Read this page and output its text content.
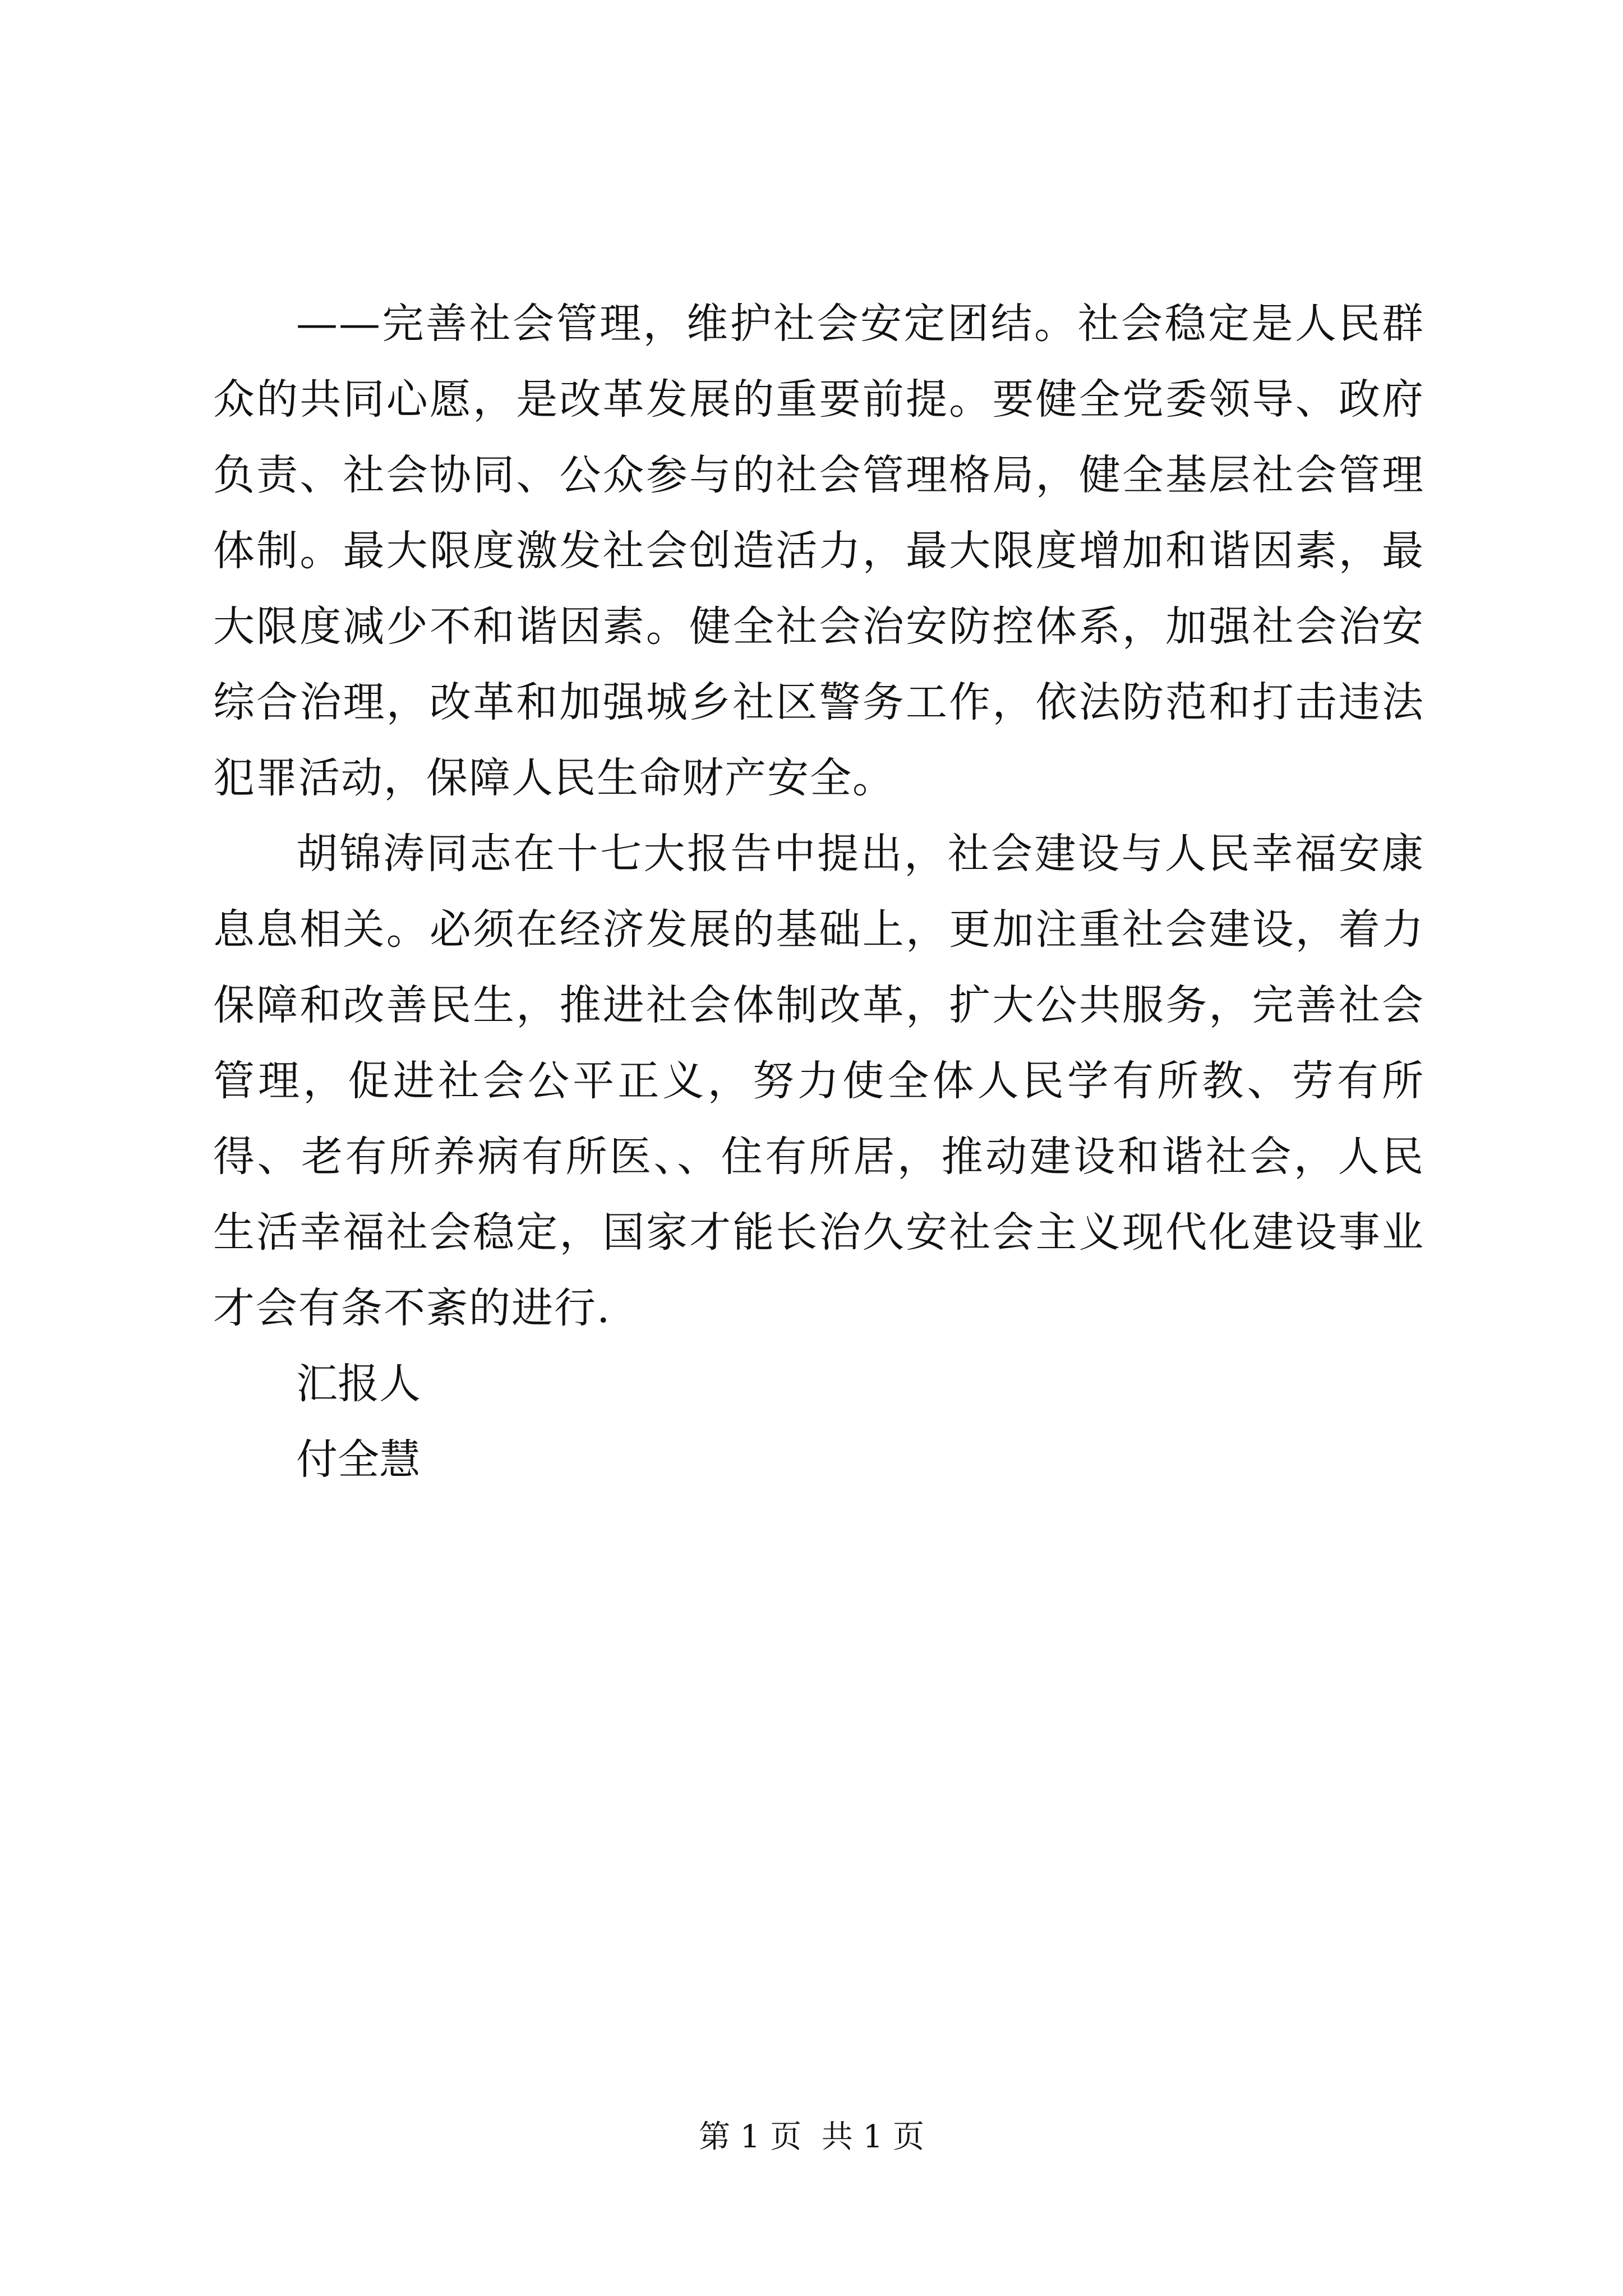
——完善社会管理，维护社会安定团结。社会稳定是人民群众的共同心愿，是改革发展的重要前提。要健全党委领导、政府负责、社会协同、公众参与的社会管理格局，健全基层社会管理体制。最大限度激发社会创造活力，最大限度增加和谐因素，最大限度减少不和谐因素。健全社会治安防控体系，加强社会治安综合治理，改革和加强城乡社区警务工作，依法防范和打击违法犯罪活动，保障人民生命财产安全。

胡锦涛同志在十七大报告中提出，社会建设与人民幸福安康息息相关。必须在经济发展的基础上，更加注重社会建设，着力保障和改善民生，推进社会体制改革，扩大公共服务，完善社会管理，促进社会公平正义，努力使全体人民学有所教、劳有所得、老有所养病有所医、、住有所居，推动建设和谐社会，人民生活幸福社会稳定，国家才能长治久安社会主义现代化建设事业才会有条不紊的进行.

汇报人

付全慧

第 1 页  共 1 页
